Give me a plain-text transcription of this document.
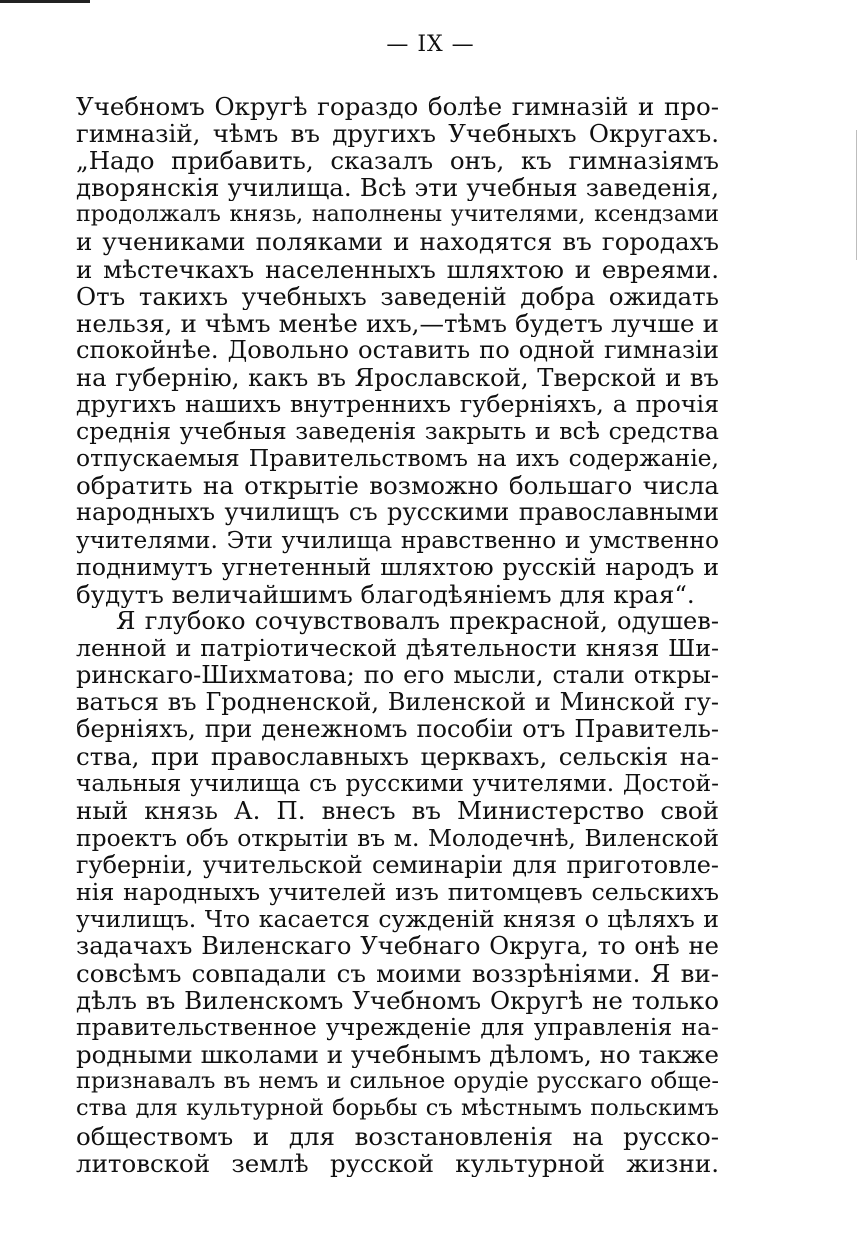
— IX —
Учебномъ Округѣ гораздо болѣе гимназій и про-
гимназій, чѣмъ въ другихъ Учебныхъ Округахъ.
„Надо прибавить, сказалъ онъ, къ гимназіямъ
дворянскія училища. Всѣ эти учебныя заведенія,
продолжалъ князь, наполнены учителями, ксендзами
и учениками поляками и находятся въ городахъ
и мѣстечкахъ населенныхъ шляхтою и евреями.
Отъ такихъ учебныхъ заведеній добра ожидать
нельзя, и чѣмъ менѣе ихъ,—тѣмъ будетъ лучше и
спокойнѣе. Довольно оставить по одной гимназіи
на губернію, какъ въ Ярославской, Тверской и въ
другихъ нашихъ внутреннихъ губерніяхъ, а прочія
среднія учебныя заведенія закрыть и всѣ средства
отпускаемыя Правительствомъ на ихъ содержаніе,
обратить на открытіе возможно большаго числа
народныхъ училищъ съ русскими православными
учителями. Эти училища нравственно и умственно
поднимутъ угнетенный шляхтою русскій народъ и
будутъ величайшимъ благодѣяніемъ для края“.
Я глубоко сочувствовалъ прекрасной, одушев-
ленной и патріотической дѣятельности князя Ши-
ринскаго-Шихматова; по его мысли, стали откры-
ваться въ Гродненской, Виленской и Минской гу-
берніяхъ, при денежномъ пособіи отъ Правитель-
ства, при православныхъ церквахъ, сельскія на-
чальныя училища съ русскими учителями. Достой-
ный князь А. П. внесъ въ Министерство свой
проектъ объ открытіи въ м. Молодечнѣ, Виленской
губерніи, учительской семинаріи для приготовле-
нія народныхъ учителей изъ питомцевъ сельскихъ
училищъ. Что касается сужденій князя о цѣляхъ и
задачахъ Виленскаго Учебнаго Округа, то онѣ не
совсѣмъ совпадали съ моими воззрѣніями. Я ви-
дѣлъ въ Виленскомъ Учебномъ Округѣ не только
правительственное учрежденіе для управленія на-
родными школами и учебнымъ дѣломъ, но также
признавалъ въ немъ и сильное орудіе русскаго обще-
ства для культурной борьбы съ мѣстнымъ польскимъ
обществомъ и для возстановленія на русско-
литовской землѣ русской культурной жизни.
